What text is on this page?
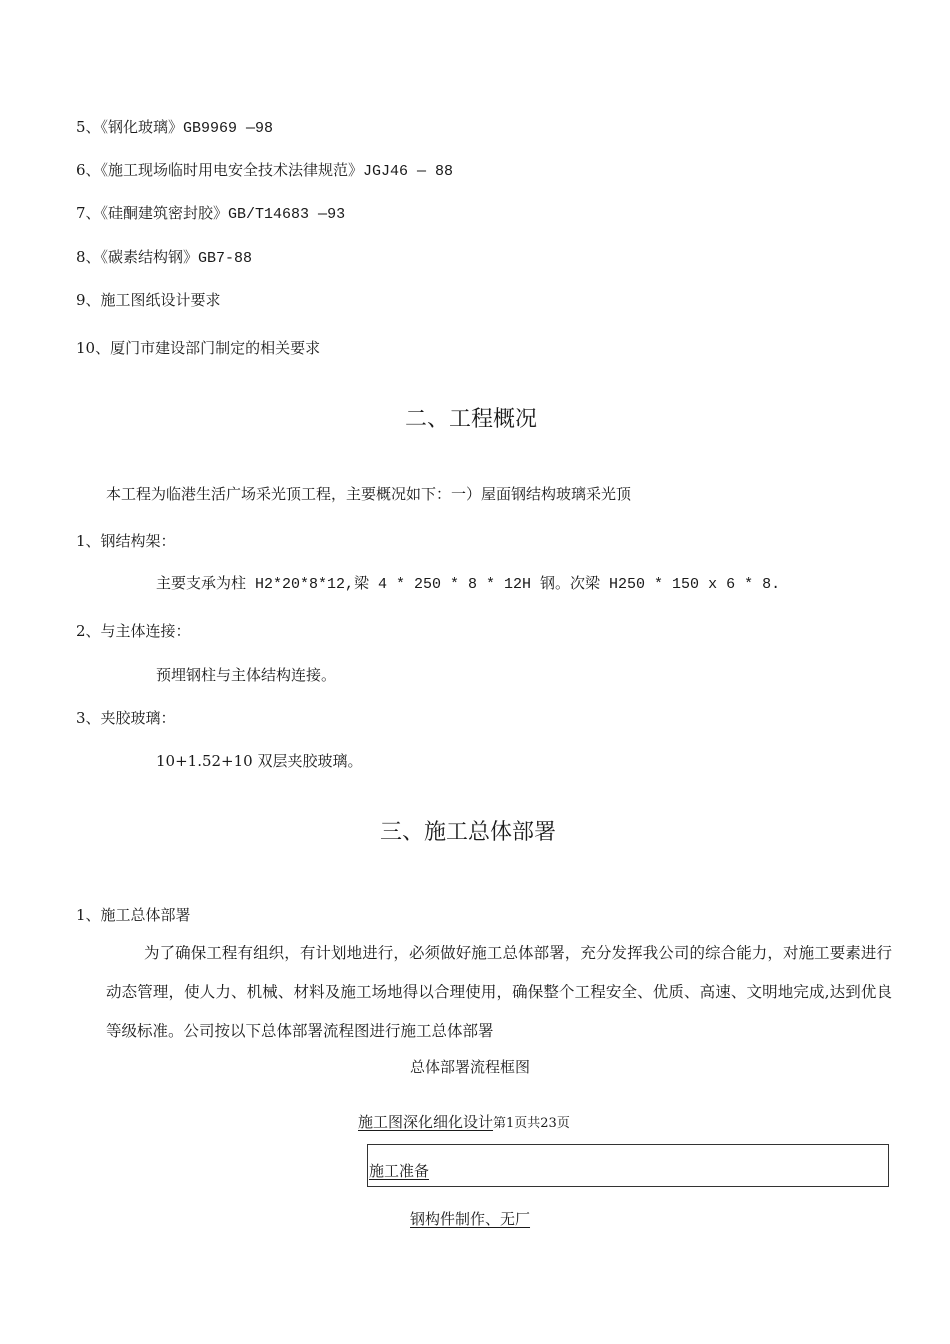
5、《钢化玻璃》GB9969 —98
6、《施工现场临时用电安全技术法律规范》JGJ46 — 88
7、《硅酮建筑密封胶》GB/T14683 —93
8、《碳素结构钢》GB7-88
9、施工图纸设计要求
10、厦门市建设部门制定的相关要求
二、工程概况
本工程为临港生活广场采光顶工程，主要概况如下：一）屋面钢结构玻璃采光顶
1、钢结构架：
主要支承为柱 H2*20*8*12,梁 4 * 250 * 8 * 12H 钢。次梁 H250 * 150 x 6 * 8.
2、与主体连接：
预埋钢柱与主体结构连接。
3、夹胶玻璃：
10+1.52+10 双层夹胶玻璃。
三、施工总体部署
1、施工总体部署
为了确保工程有组织，有计划地进行，必须做好施工总体部署，充分发挥我公司的综合能力，对施工要素进行动态管理，使人力、机械、材料及施工场地得以合理使用，确保整个工程安全、优质、高速、文明地完成,达到优良等级标准。公司按以下总体部署流程图进行施工总体部署
总体部署流程框图
施工图深化细化设计第1页共23页
施工准备
钢构件制作、无厂
